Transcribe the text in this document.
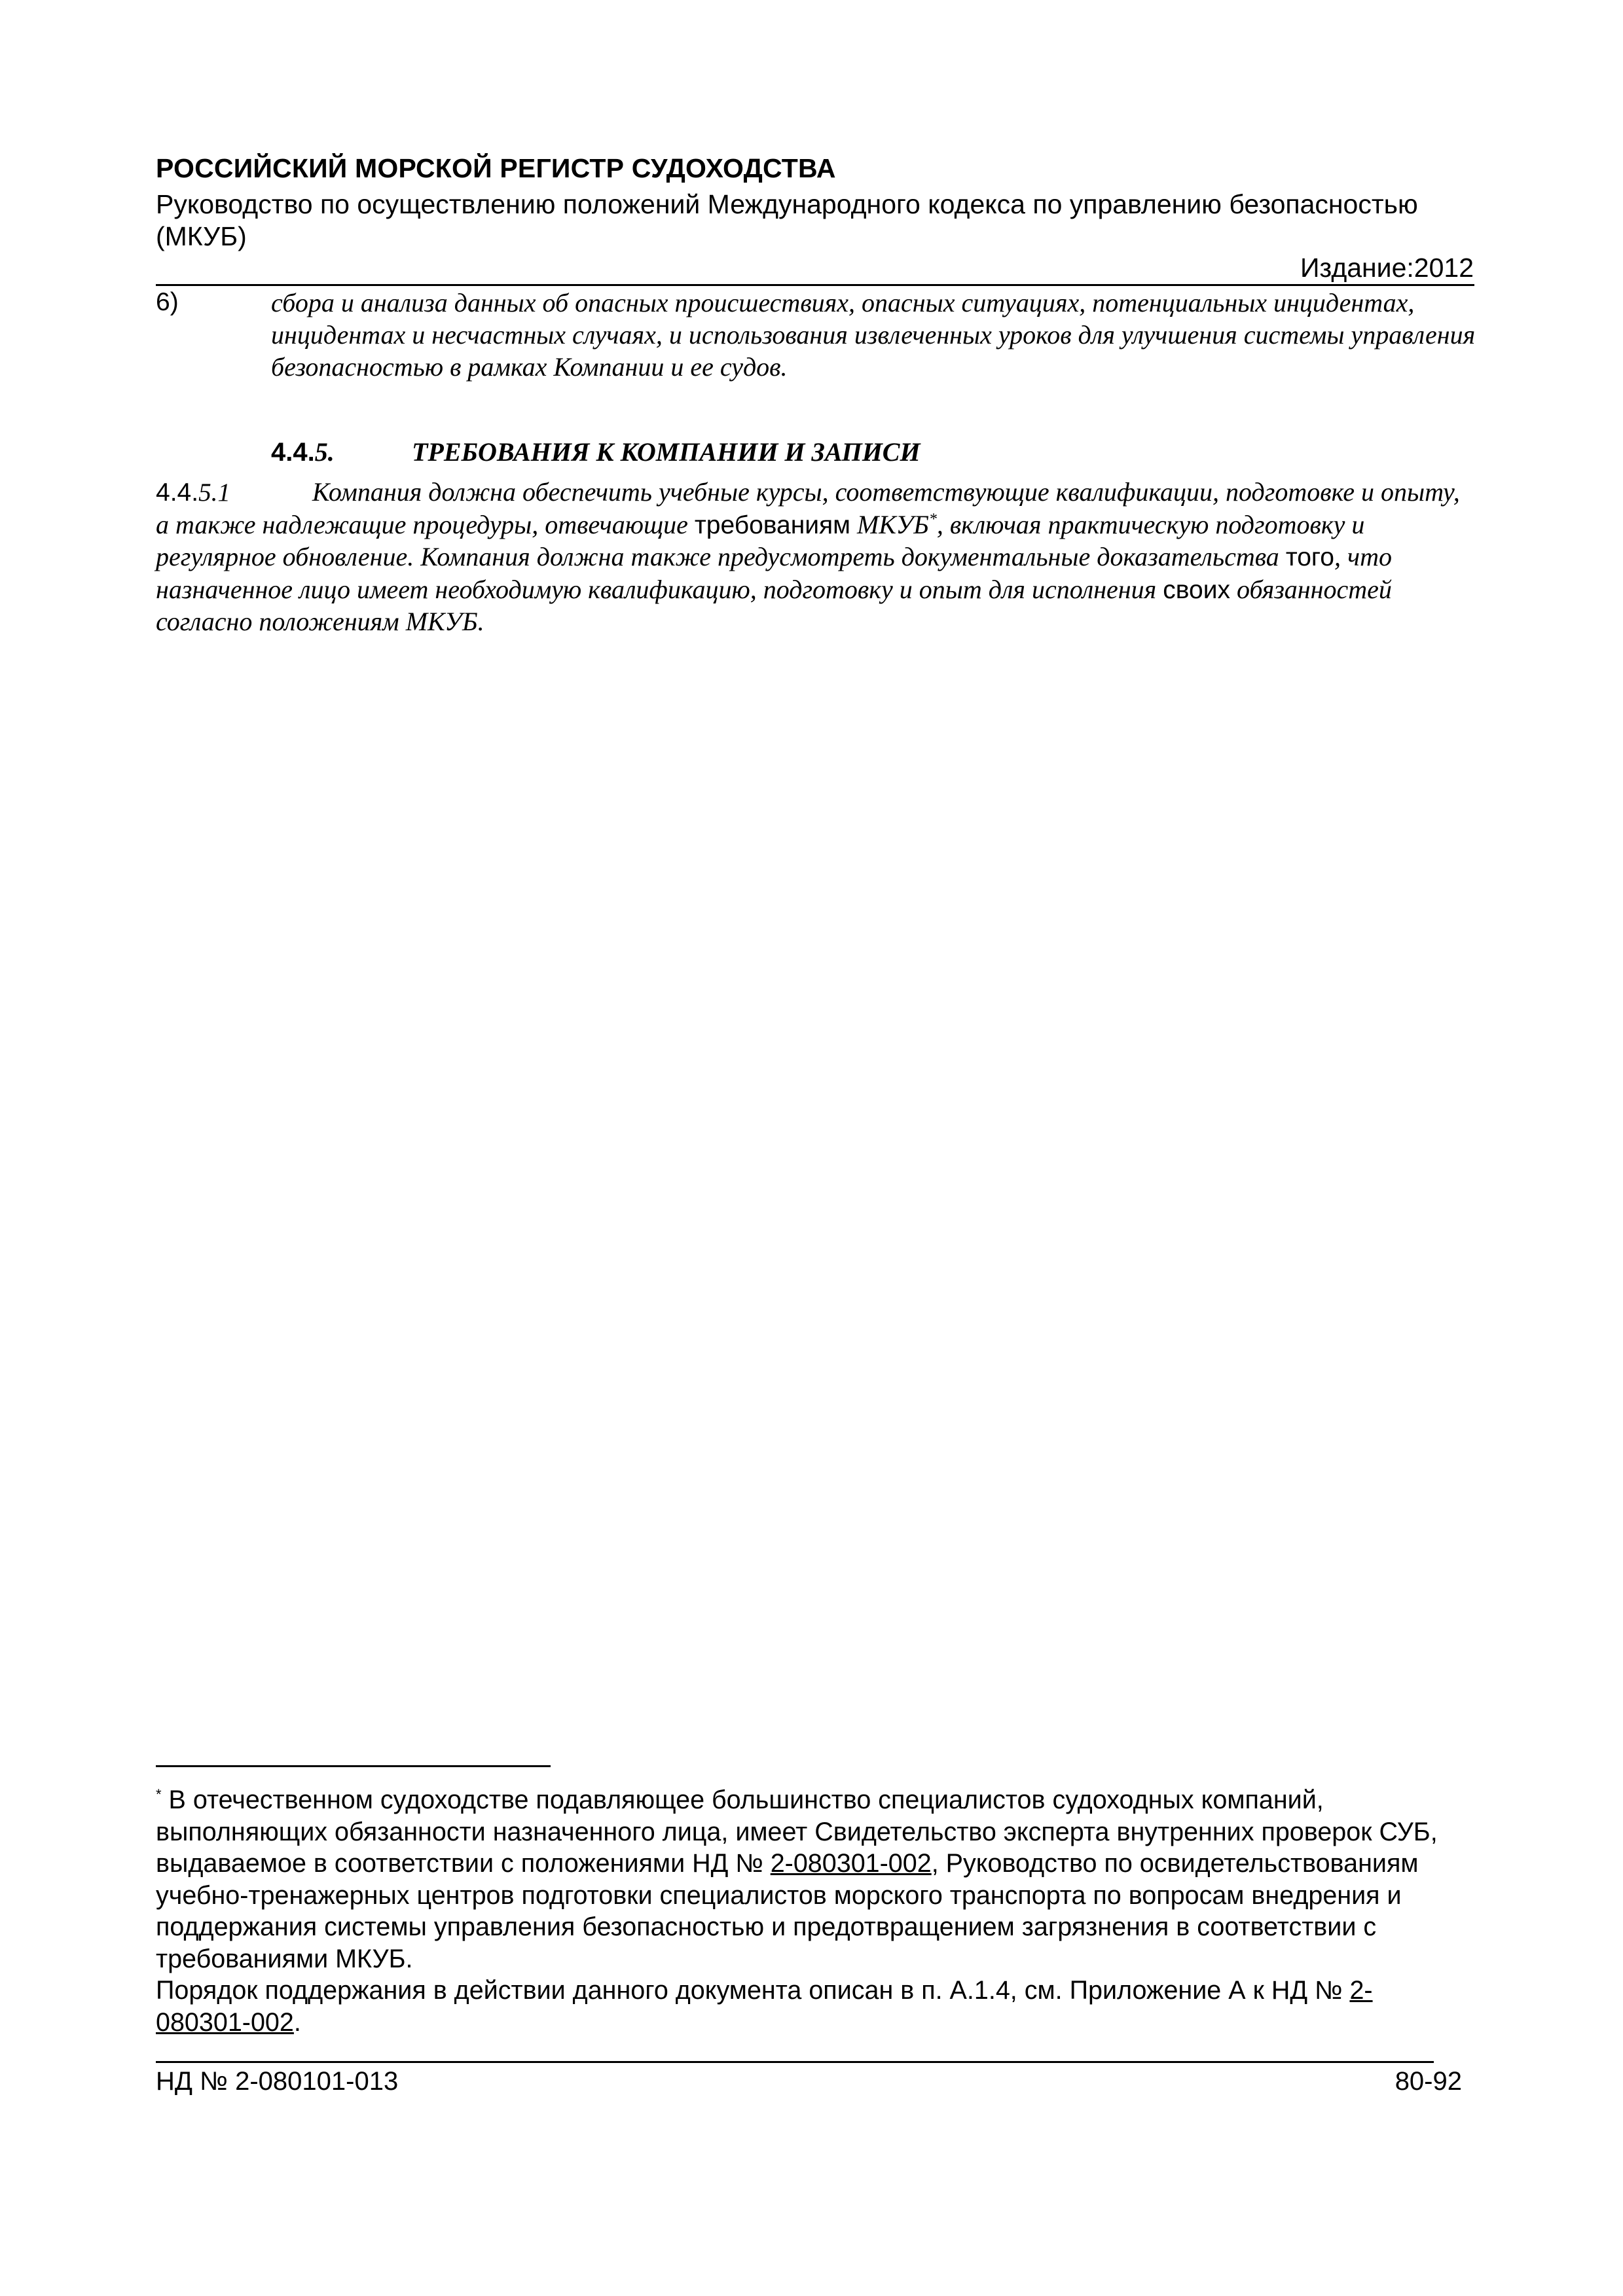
РОССИЙСКИЙ МОРСКОЙ РЕГИСТР СУДОХОДСТВА
Руководство по осуществлению положений Международного кодекса по управлению безопасностью (МКУБ)
Издание:2012
6)	сбора и анализа данных об опасных происшествиях, опасных ситуациях, потенциальных инцидентах, инцидентах и несчастных случаях, и использования извлеченных уроков для улучшения системы управления безопасностью в рамках Компании и ее судов.
4.4.5.	ТРЕБОВАНИЯ К КОМПАНИИ И ЗАПИСИ
4.4.5.1	Компания должна обеспечить учебные курсы, соответствующие квалификации, подготовке и опыту, а также надлежащие процедуры, отвечающие требованиям МКУБ*, включая практическую подготовку и регулярное обновление. Компания должна также предусмотреть документальные доказательства того, что назначенное лицо имеет необходимую квалификацию, подготовку и опыт для исполнения своих обязанностей согласно положениям МКУБ.
* В отечественном судоходстве подавляющее большинство специалистов судоходных компаний, выполняющих обязанности назначенного лица, имеет Свидетельство эксперта внутренних проверок СУБ, выдаваемое в соответствии с положениями НД № 2-080301-002, Руководство по освидетельствованиям учебно-тренажерных центров подготовки специалистов морского транспорта по вопросам внедрения и поддержания системы управления безопасностью и предотвращением загрязнения в соответствии с требованиями МКУБ.
Порядок поддержания в действии данного документа описан в п. А.1.4, см. Приложение А к НД № 2-080301-002.
НД № 2-080101-013	80-92
